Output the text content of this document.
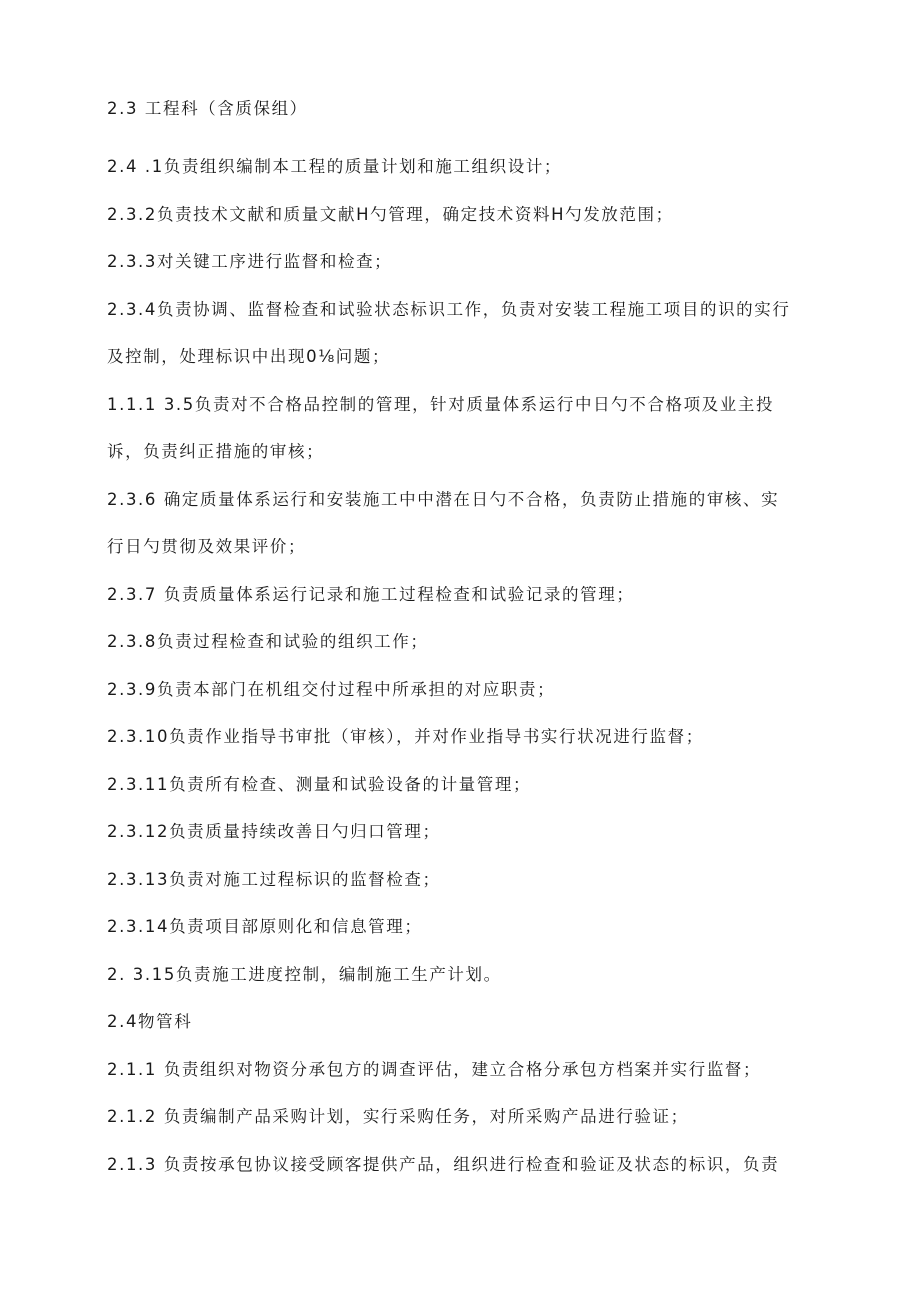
2.3 工程科（含质保组）

2.4 .1负责组织编制本工程的质量计划和施工组织设计；

2.3.2负责技术文献和质量文献H勺管理，确定技术资料H勺发放范围；

2.3.3对关键工序进行监督和检查；

2.3.4负责协调、监督检查和试验状态标识工作，负责对安装工程施工项目的识的实行

及控制，处理标识中出现0⅛问题；

1.1.1 3.5负责对不合格品控制的管理，针对质量体系运行中日勺不合格项及业主投

诉，负责纠正措施的审核；

2.3.6 确定质量体系运行和安装施工中中潜在日勺不合格，负责防止措施的审核、实

行日勺贯彻及效果评价；

2.3.7 负责质量体系运行记录和施工过程检查和试验记录的管理；

2.3.8负责过程检查和试验的组织工作；

2.3.9负责本部门在机组交付过程中所承担的对应职责；

2.3.10负责作业指导书审批（审核），并对作业指导书实行状况进行监督；

2.3.11负责所有检查、测量和试验设备的计量管理；

2.3.12负责质量持续改善日勺归口管理；

2.3.13负责对施工过程标识的监督检查；

2.3.14负责项目部原则化和信息管理；

2. 3.15负责施工进度控制，编制施工生产计划。

2.4物管科

2.1.1 负责组织对物资分承包方的调查评估，建立合格分承包方档案并实行监督；

2.1.2 负责编制产品采购计划，实行采购任务，对所采购产品进行验证；

2.1.3 负责按承包协议接受顾客提供产品，组织进行检查和验证及状态的标识，负责
